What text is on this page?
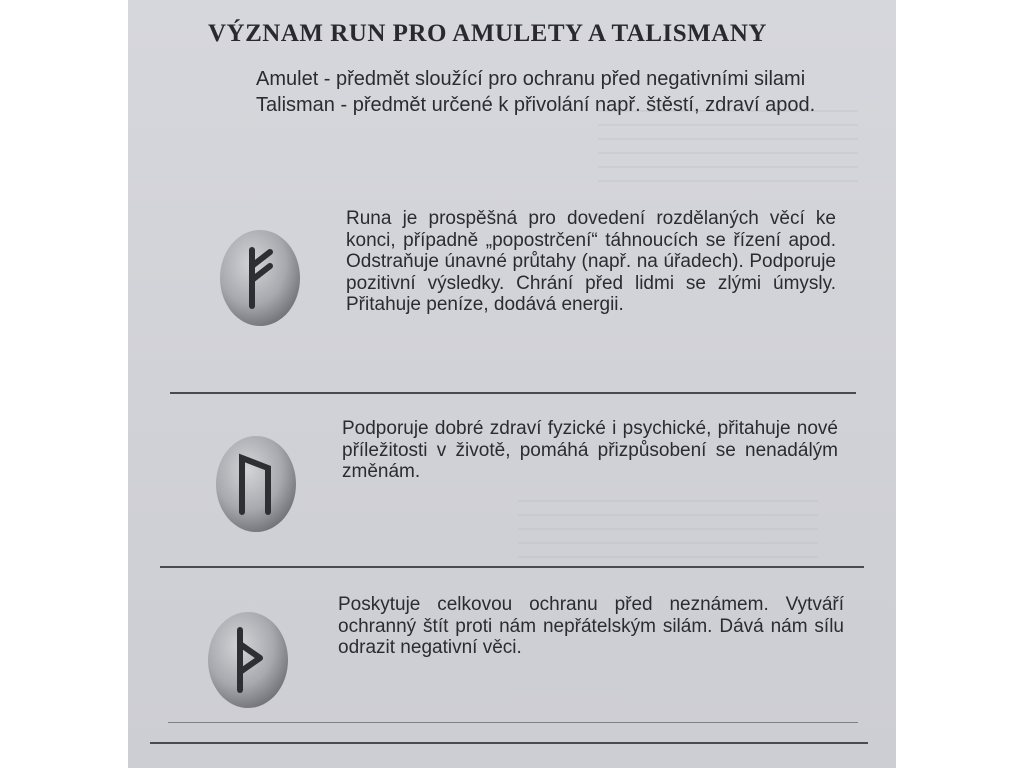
VÝZNAM RUN PRO AMULETY A TALISMANY

Amulet - předmět sloužící pro ochranu před negativními silami

Talisman - předmět určené k přivolání např. štěstí, zdraví apod.

Runa je prospěšná pro dovedení rozdělaných věcí ke konci, případně „popostrčení“ táhnoucích se řízení apod. Odstraňuje únavné průtahy (např. na úřadech). Podporuje pozitivní výsledky. Chrání před lidmi se zlými úmysly. Přitahuje peníze, dodává energii.
Podporuje dobré zdraví fyzické i psychické, přitahuje nové příležitosti v životě, pomáhá přizpůsobení se nenadálým změnám.
Poskytuje celkovou ochranu před neznámem. Vytváří ochranný štít proti nám nepřátelským silám. Dává nám sílu odrazit negativní věci.
